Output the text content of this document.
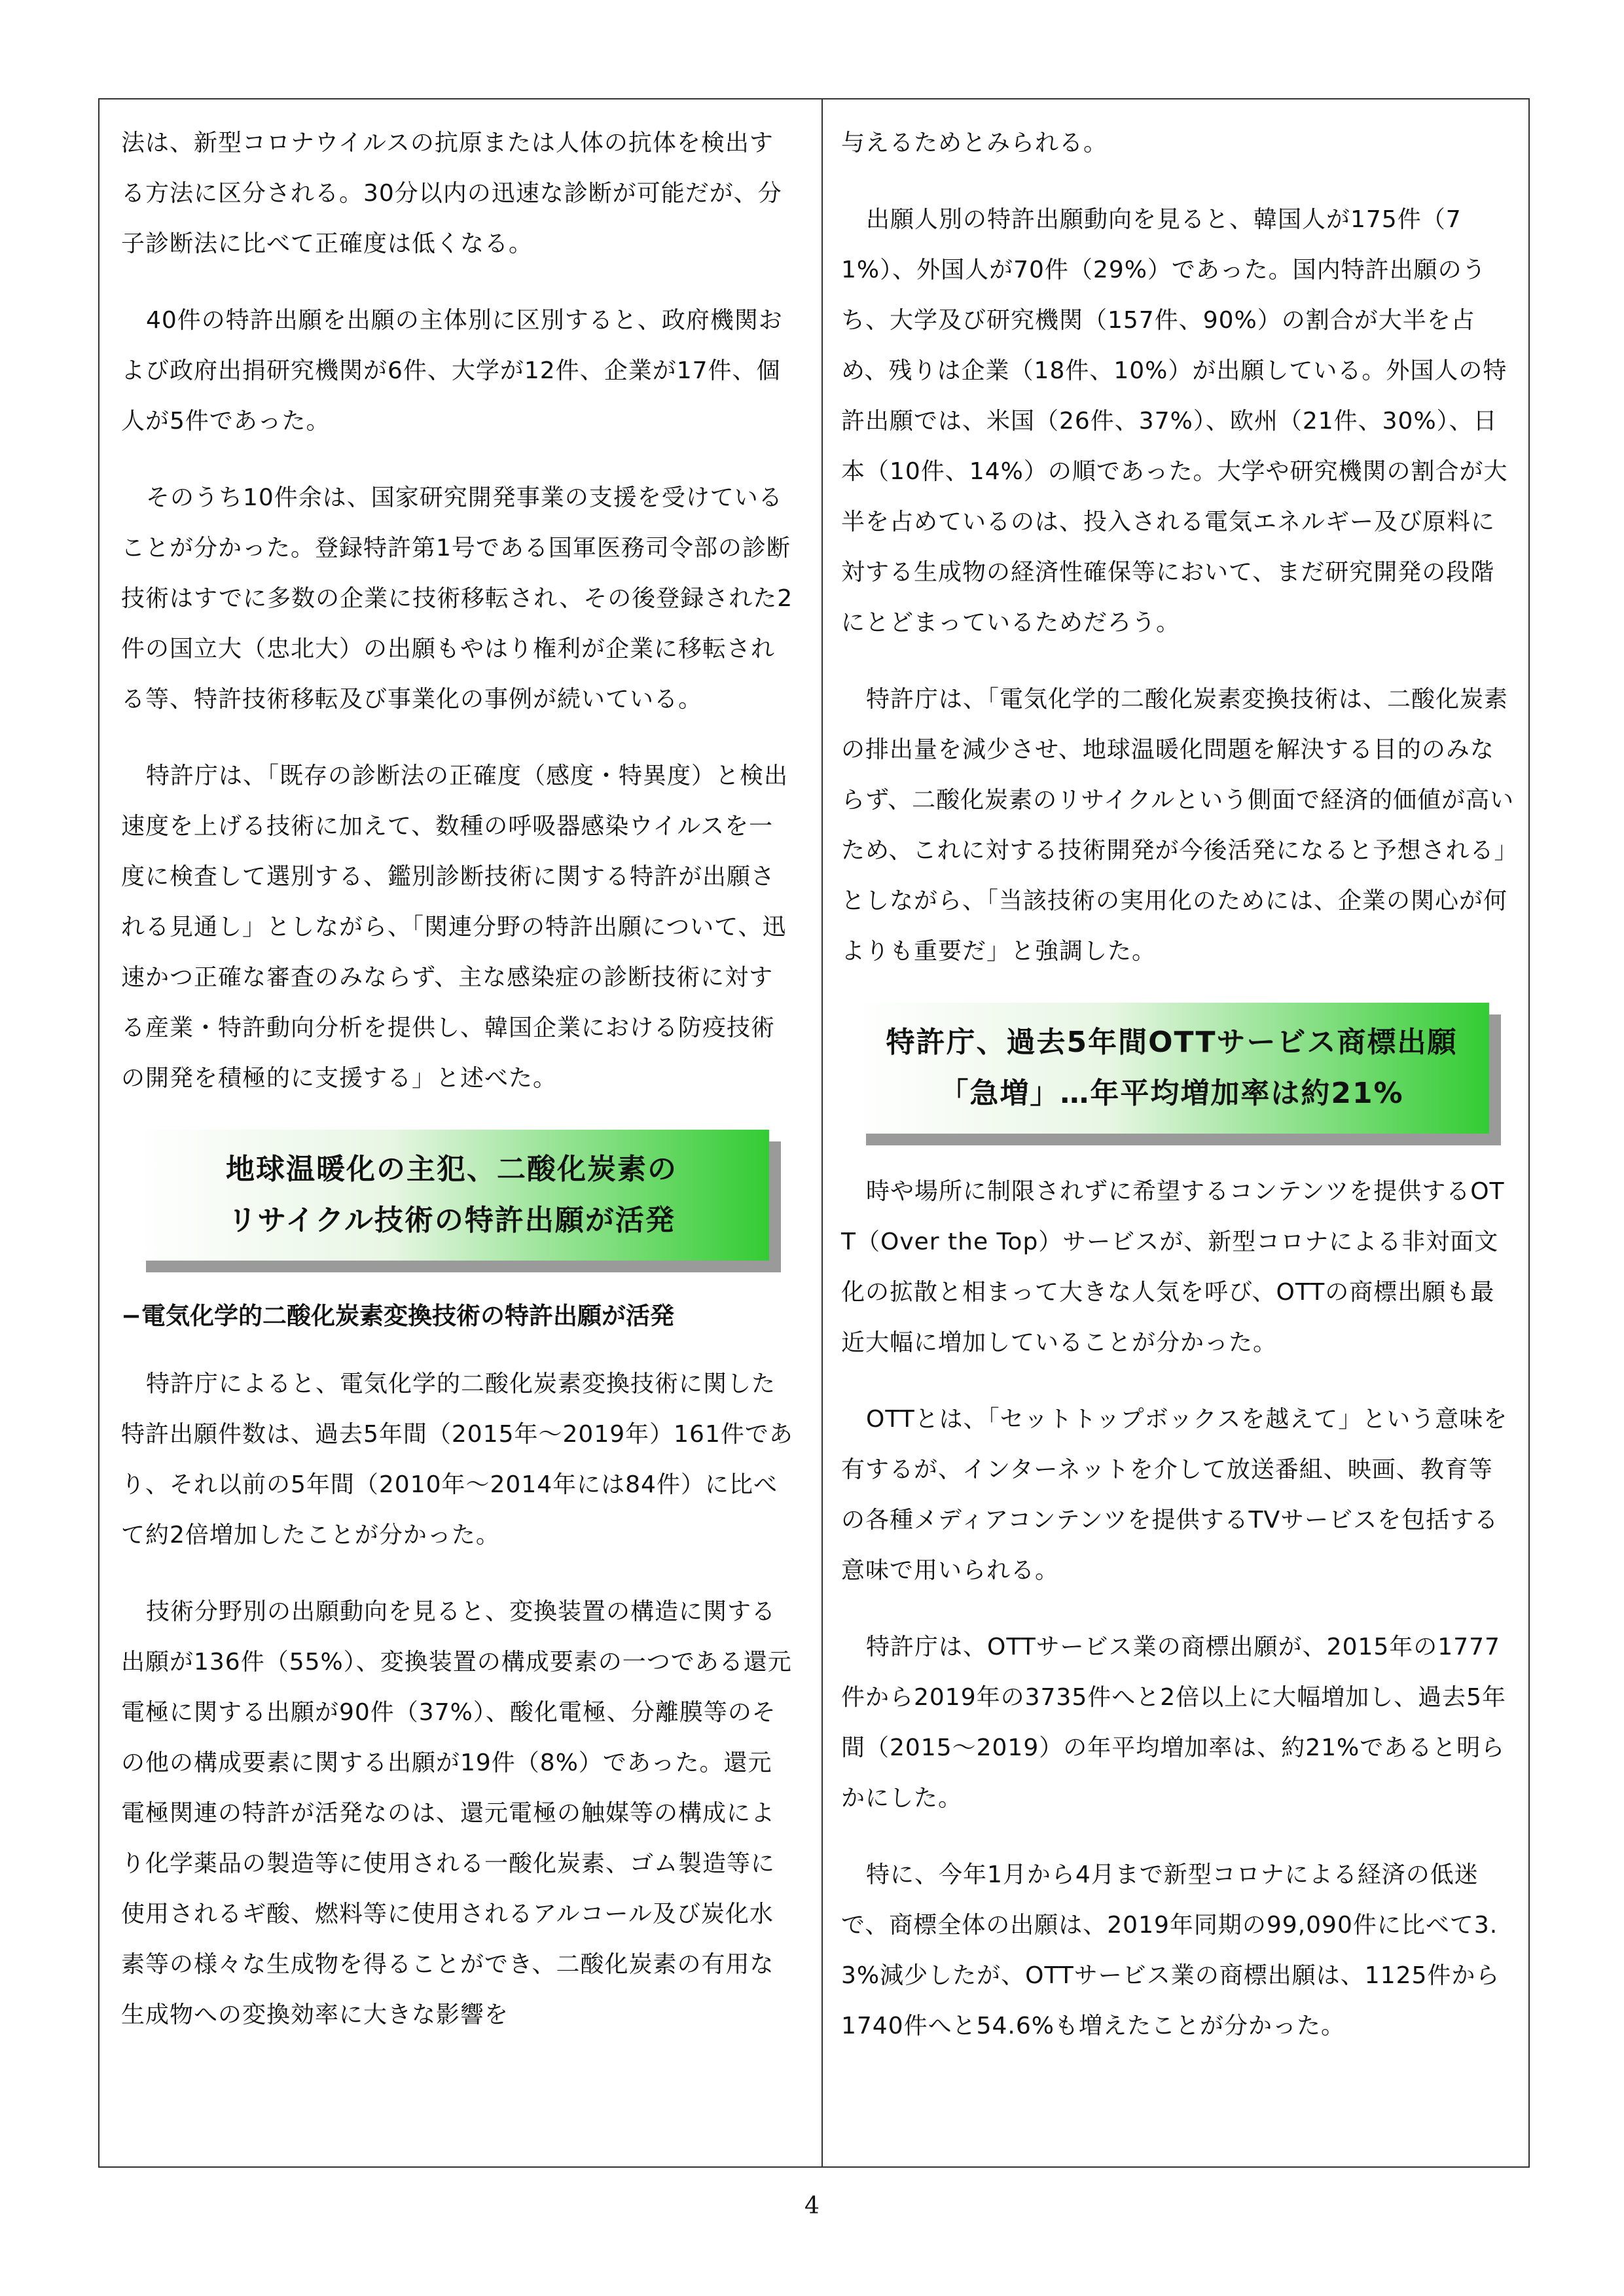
法は、新型コロナウイルスの抗原または人体の抗体を検出する方法に区分される。30分以内の迅速な診断が可能だが、分子診断法に比べて正確度は低くなる。

40件の特許出願を出願の主体別に区別すると、政府機関および政府出捐研究機関が6件、大学が12件、企業が17件、個人が5件であった。

そのうち10件余は、国家研究開発事業の支援を受けていることが分かった。登録特許第1号である国軍医務司令部の診断技術はすでに多数の企業に技術移転され、その後登録された2件の国立大（忠北大）の出願もやはり権利が企業に移転される等、特許技術移転及び事業化の事例が続いている。

特許庁は、「既存の診断法の正確度（感度・特異度）と検出速度を上げる技術に加えて、数種の呼吸器感染ウイルスを一度に検査して選別する、鑑別診断技術に関する特許が出願される見通し」としながら、「関連分野の特許出願について、迅速かつ正確な審査のみならず、主な感染症の診断技術に対する産業・特許動向分析を提供し、韓国企業における防疫技術の開発を積極的に支援する」と述べた。

地球温暖化の主犯、二酸化炭素の
リサイクル技術の特許出願が活発

−電気化学的二酸化炭素変換技術の特許出願が活発

特許庁によると、電気化学的二酸化炭素変換技術に関した特許出願件数は、過去5年間（2015年～2019年）161件であり、それ以前の5年間（2010年～2014年には84件）に比べて約2倍増加したことが分かった。

技術分野別の出願動向を見ると、変換装置の構造に関する出願が136件（55%）、変換装置の構成要素の一つである還元電極に関する出願が90件（37%）、酸化電極、分離膜等のその他の構成要素に関する出願が19件（8%）であった。還元電極関連の特許が活発なのは、還元電極の触媒等の構成により化学薬品の製造等に使用される一酸化炭素、ゴム製造等に使用されるギ酸、燃料等に使用されるアルコール及び炭化水素等の様々な生成物を得ることができ、二酸化炭素の有用な生成物への変換効率に大きな影響を

与えるためとみられる。

出願人別の特許出願動向を見ると、韓国人が175件（71%）、外国人が70件（29%）であった。国内特許出願のうち、大学及び研究機関（157件、90%）の割合が大半を占め、残りは企業（18件、10%）が出願している。外国人の特許出願では、米国（26件、37%）、欧州（21件、30%）、日本（10件、14%）の順であった。大学や研究機関の割合が大半を占めているのは、投入される電気エネルギー及び原料に対する生成物の経済性確保等において、まだ研究開発の段階にとどまっているためだろう。

特許庁は、「電気化学的二酸化炭素変換技術は、二酸化炭素の排出量を減少させ、地球温暖化問題を解決する目的のみならず、二酸化炭素のリサイクルという側面で経済的価値が高いため、これに対する技術開発が今後活発になると予想される」としながら、「当該技術の実用化のためには、企業の関心が何よりも重要だ」と強調した。

特許庁、過去5年間OTTサービス商標出願
「急増」…年平均増加率は約21%

時や場所に制限されずに希望するコンテンツを提供するOTT（Over the Top）サービスが、新型コロナによる非対面文化の拡散と相まって大きな人気を呼び、OTTの商標出願も最近大幅に増加していることが分かった。

OTTとは、「セットトップボックスを越えて」という意味を有するが、インターネットを介して放送番組、映画、教育等の各種メディアコンテンツを提供するTVサービスを包括する意味で用いられる。

特許庁は、OTTサービス業の商標出願が、2015年の1777件から2019年の3735件へと2倍以上に大幅増加し、過去5年間（2015～2019）の年平均増加率は、約21%であると明らかにした。

特に、今年1月から4月まで新型コロナによる経済の低迷で、商標全体の出願は、2019年同期の99,090件に比べて3.3%減少したが、OTTサービス業の商標出願は、1125件から1740件へと54.6%も増えたことが分かった。

4
